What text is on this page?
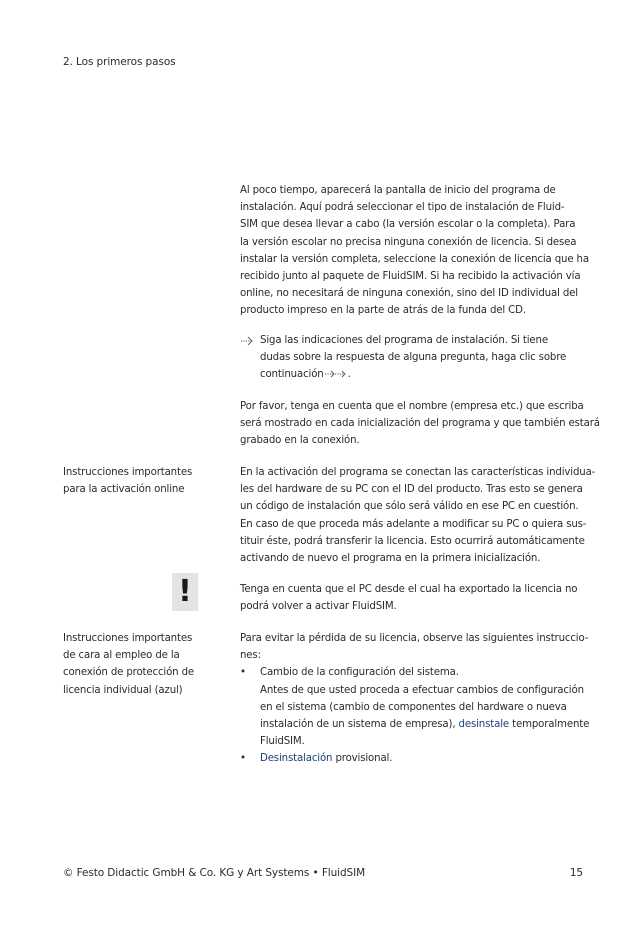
2. Los primeros pasos
Al poco tiempo, aparecerá la pantalla de inicio del programa de
instalación. Aquí podrá seleccionar el tipo de instalación de Fluid-
SIM que desea llevar a cabo (la versión escolar o la completa). Para
la versión escolar no precisa ninguna conexión de licencia. Si desea
instalar la versión completa, seleccione la conexión de licencia que ha
recibido junto al paquete de FluidSIM. Si ha recibido la activación vía
online, no necesitará de ninguna conexión, sino del ID individual del
producto impreso en la parte de atrás de la funda del CD.
Siga las indicaciones del programa de instalación. Si tiene
dudas sobre la respuesta de alguna pregunta, haga clic sobre
continuación .
Por favor, tenga en cuenta que el nombre (empresa etc.) que escriba
será mostrado en cada inicialización del programa y que también estará
grabado en la conexión.
Instrucciones importantes
para la activación online
En la activación del programa se conectan las características individua-
les del hardware de su PC con el ID del producto. Tras esto se genera
un código de instalación que sólo será válido en ese PC en cuestión.
En caso de que proceda más adelante a modificar su PC o quiera sus-
tituir éste, podrá transferir la licencia. Esto ocurrirá automáticamente
activando de nuevo el programa en la primera inicialización.
!	Tenga en cuenta que el PC desde el cual ha exportado la licencia no
podrá volver a activar FluidSIM.
Instrucciones importantes
de cara al empleo de la
conexión de protección de
licencia individual (azul)
Para evitar la pérdida de su licencia, observe las siguientes instruccio-
nes:
• Cambio de la configuración del sistema.
Antes de que usted proceda a efectuar cambios de configuración
en el sistema (cambio de componentes del hardware o nueva
instalación de un sistema de empresa), desinstale temporalmente
FluidSIM.
• Desinstalación provisional.
© Festo Didactic GmbH & Co. KG y Art Systems • FluidSIM	15
